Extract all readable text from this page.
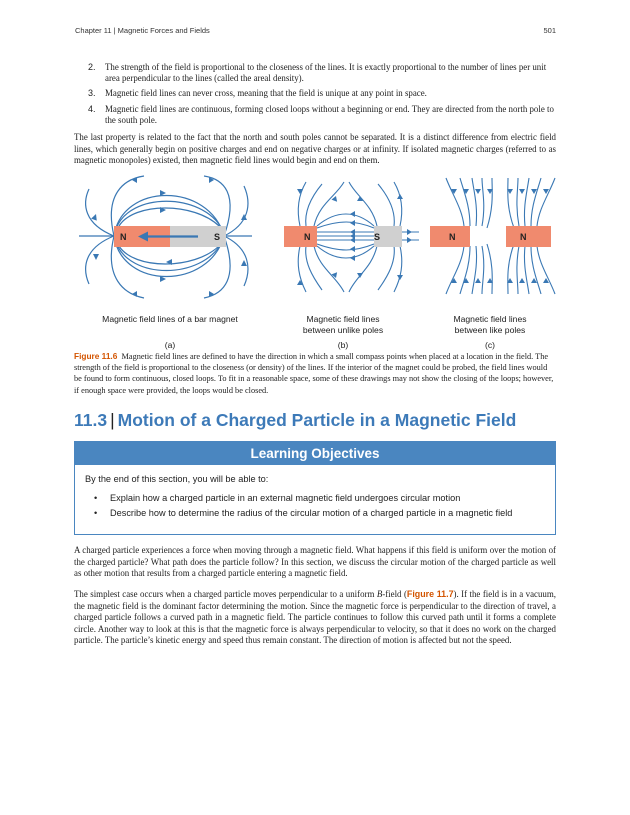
Chapter 11 | Magnetic Forces and Fields	501
2. The strength of the field is proportional to the closeness of the lines. It is exactly proportional to the number of lines per unit area perpendicular to the lines (called the areal density).
3. Magnetic field lines can never cross, meaning that the field is unique at any point in space.
4. Magnetic field lines are continuous, forming closed loops without a beginning or end. They are directed from the north pole to the south pole.
The last property is related to the fact that the north and south poles cannot be separated. It is a distinct difference from electric field lines, which generally begin on positive charges and end on negative charges or at infinity. If isolated magnetic charges (referred to as magnetic monopoles) existed, then magnetic field lines would begin and end on them.
N	S	N	S	N	N
Magnetic field lines of a bar magnet	Magnetic field lines between unlike poles
Magnetic field lines between like poles
(a)	(b)	(c)
Figure 11.6 Magnetic field lines are defined to have the direction in which a small compass points when placed at a location in the field. The strength of the field is proportional to the closeness (or density) of the lines. If the interior of the magnet could be probed, the field lines would be found to form continuous, closed loops. To fit in a reasonable space, some of these drawings may not show the closing of the loops; however, if enough space were provided, the loops would be closed.
11.3 | Motion of a Charged Particle in a Magnetic Field
Learning Objectives
By the end of this section, you will be able to:
• Explain how a charged particle in an external magnetic field undergoes circular motion
• Describe how to determine the radius of the circular motion of a charged particle in a magnetic field
A charged particle experiences a force when moving through a magnetic field. What happens if this field is uniform over the motion of the charged particle? What path does the particle follow? In this section, we discuss the circular motion of the charged particle as well as other motion that results from a charged particle entering a magnetic field.
The simplest case occurs when a charged particle moves perpendicular to a uniform B-field (Figure 11.7). If the field is in a vacuum, the magnetic field is the dominant factor determining the motion. Since the magnetic force is perpendicular to the direction of travel, a charged particle follows a curved path in a magnetic field. The particle continues to follow this curved path until it forms a complete circle. Another way to look at this is that the magnetic force is always perpendicular to velocity, so that it does no work on the charged particle. The particle’s kinetic energy and speed thus remain constant. The direction of motion is affected but not the speed.
